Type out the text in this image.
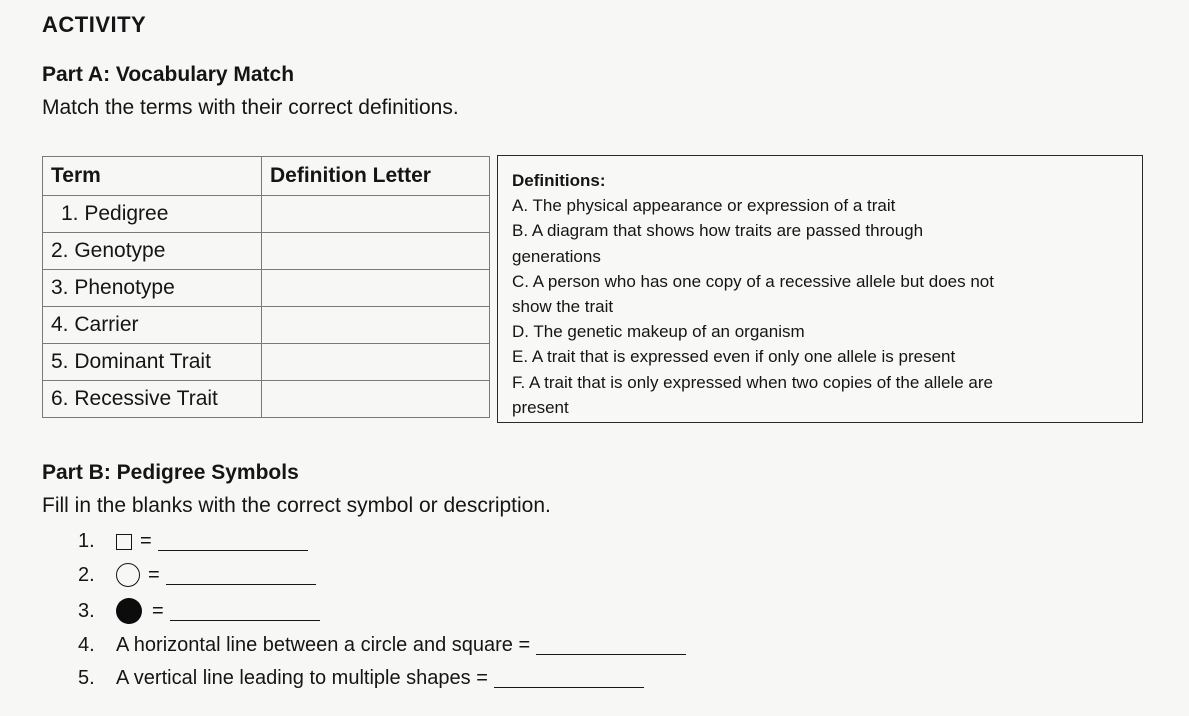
ACTIVITY
Part A: Vocabulary Match
Match the terms with their correct definitions.
Term	Definition Letter
1. Pedigree	
2. Genotype	
3. Phenotype	
4. Carrier	
5. Dominant Trait	
6. Recessive Trait	
Definitions:
A. The physical appearance or expression of a trait
B. A diagram that shows how traits are passed through
generations
C. A person who has one copy of a recessive allele but does not
show the trait
D. The genetic makeup of an organism
E. A trait that is expressed even if only one allele is present
F. A trait that is only expressed when two copies of the allele are
present
Part B: Pedigree Symbols
Fill in the blanks with the correct symbol or description.
1.	=
2.	=
3.	=
4.	A horizontal line between a circle and square =
5.	A vertical line leading to multiple shapes =
